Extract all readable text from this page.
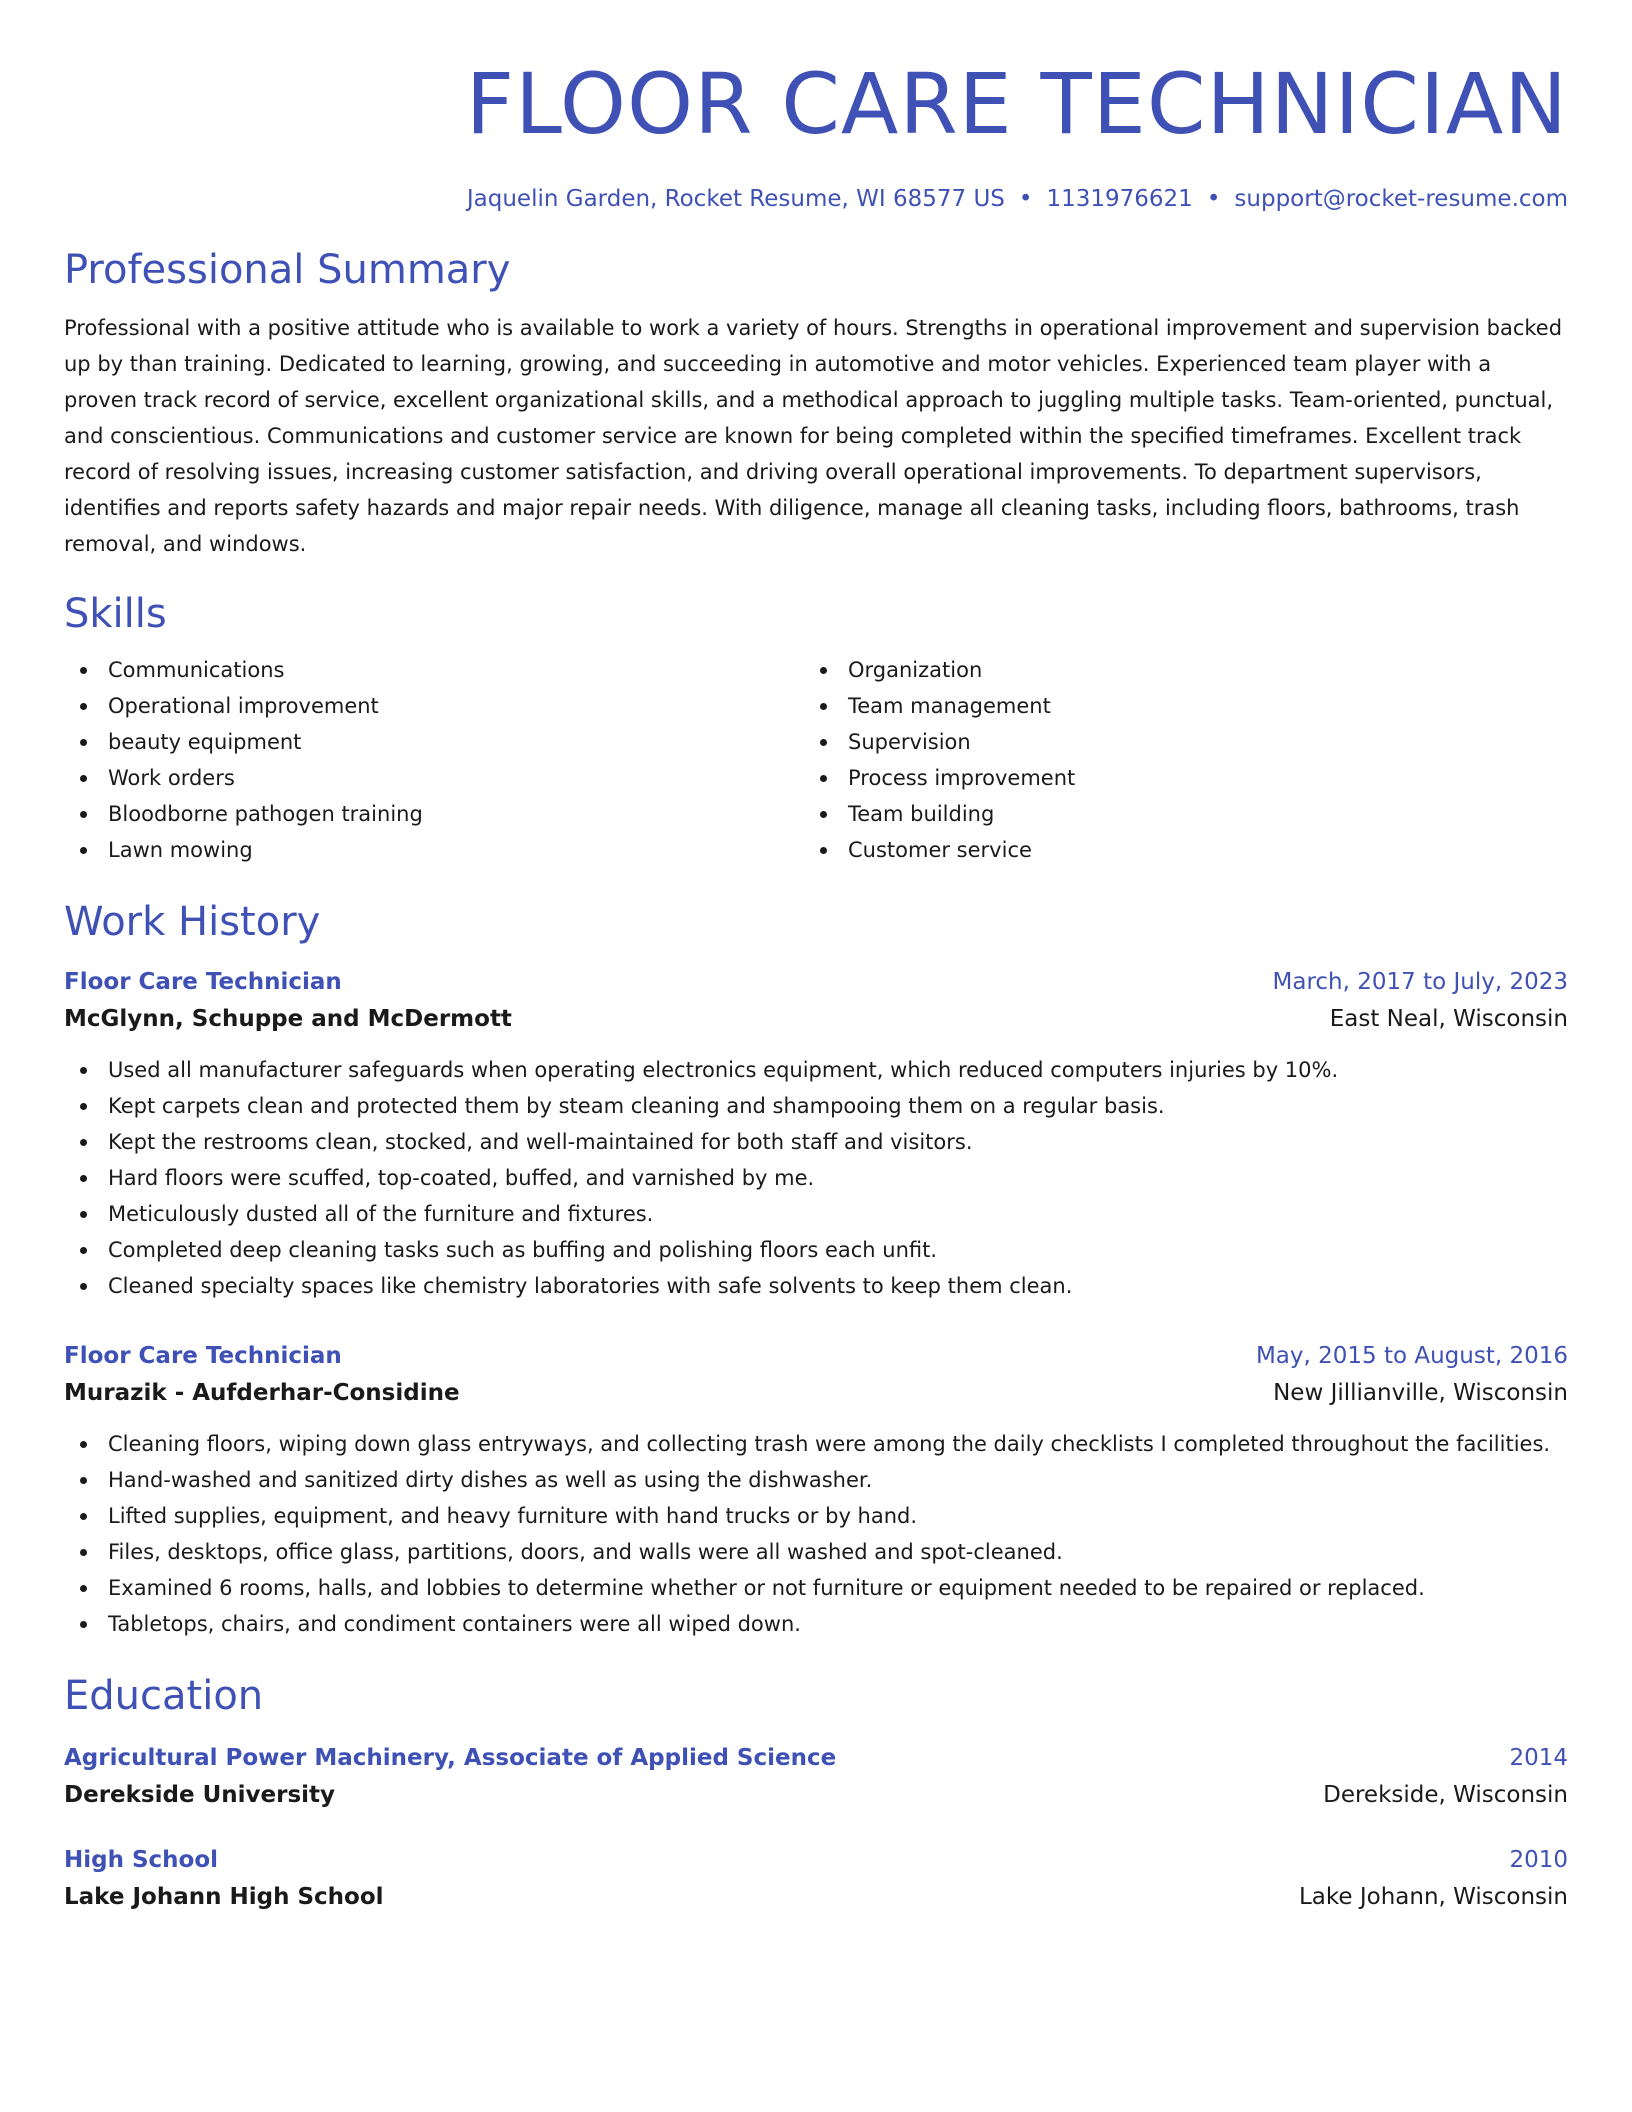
FLOOR CARE TECHNICIAN
Jaquelin Garden, Rocket Resume, WI 68577 US • 1131976621 • support@rocket-resume.com
Professional Summary
Professional with a positive attitude who is available to work a variety of hours. Strengths in operational improvement and supervision backed up by than training. Dedicated to learning, growing, and succeeding in automotive and motor vehicles. Experienced team player with a proven track record of service, excellent organizational skills, and a methodical approach to juggling multiple tasks. Team-oriented, punctual, and conscientious. Communications and customer service are known for being completed within the specified timeframes. Excellent track record of resolving issues, increasing customer satisfaction, and driving overall operational improvements. To department supervisors, identifies and reports safety hazards and major repair needs. With diligence, manage all cleaning tasks, including floors, bathrooms, trash removal, and windows.
Skills
Communications
Operational improvement
beauty equipment
Work orders
Bloodborne pathogen training
Lawn mowing
Organization
Team management
Supervision
Process improvement
Team building
Customer service
Work History
Floor Care Technician	March, 2017 to July, 2023
McGlynn, Schuppe and McDermott	East Neal, Wisconsin
Used all manufacturer safeguards when operating electronics equipment, which reduced computers injuries by 10%.
Kept carpets clean and protected them by steam cleaning and shampooing them on a regular basis.
Kept the restrooms clean, stocked, and well-maintained for both staff and visitors.
Hard floors were scuffed, top-coated, buffed, and varnished by me.
Meticulously dusted all of the furniture and fixtures.
Completed deep cleaning tasks such as buffing and polishing floors each unfit.
Cleaned specialty spaces like chemistry laboratories with safe solvents to keep them clean.
Floor Care Technician	May, 2015 to August, 2016
Murazik - Aufderhar-Considine	New Jillianville, Wisconsin
Cleaning floors, wiping down glass entryways, and collecting trash were among the daily checklists I completed throughout the facilities.
Hand-washed and sanitized dirty dishes as well as using the dishwasher.
Lifted supplies, equipment, and heavy furniture with hand trucks or by hand.
Files, desktops, office glass, partitions, doors, and walls were all washed and spot-cleaned.
Examined 6 rooms, halls, and lobbies to determine whether or not furniture or equipment needed to be repaired or replaced.
Tabletops, chairs, and condiment containers were all wiped down.
Education
Agricultural Power Machinery, Associate of Applied Science	2014
Derekside University	Derekside, Wisconsin
High School	2010
Lake Johann High School	Lake Johann, Wisconsin
